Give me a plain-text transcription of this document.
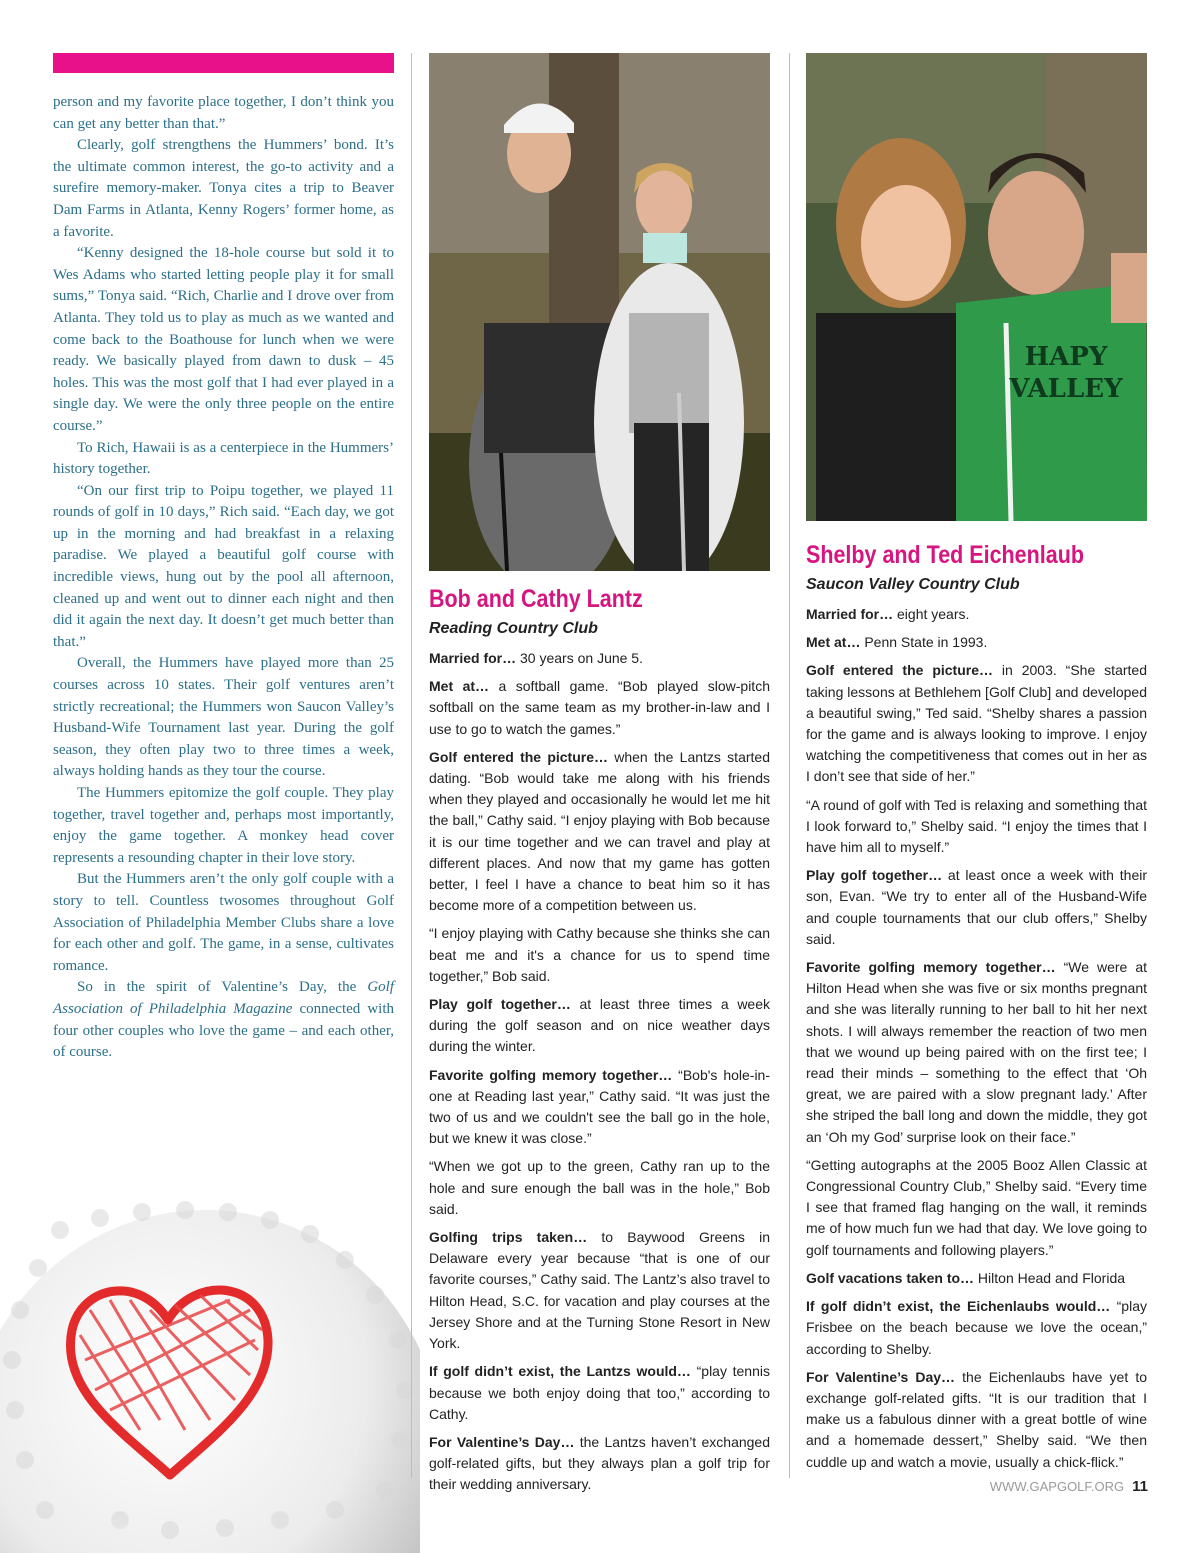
person and my favorite place together, I don’t think you can get any better than that.”

Clearly, golf strengthens the Hummers’ bond. It’s the ultimate common interest, the go-to activity and a surefire memory-maker. Tonya cites a trip to Beaver Dam Farms in Atlanta, Kenny Rogers’ former home, as a favorite.

“Kenny designed the 18-hole course but sold it to Wes Adams who started letting people play it for small sums,” Tonya said. “Rich, Charlie and I drove over from Atlanta. They told us to play as much as we wanted and come back to the Boathouse for lunch when we were ready. We basically played from dawn to dusk – 45 holes. This was the most golf that I had ever played in a single day. We were the only three people on the entire course.”

To Rich, Hawaii is as a centerpiece in the Hummers’ history together.

“On our first trip to Poipu together, we played 11 rounds of golf in 10 days,” Rich said. “Each day, we got up in the morning and had breakfast in a relaxing paradise. We played a beautiful golf course with incredible views, hung out by the pool all afternoon, cleaned up and went out to dinner each night and then did it again the next day. It doesn’t get much better than that.”

Overall, the Hummers have played more than 25 courses across 10 states. Their golf ventures aren’t strictly recreational; the Hummers won Saucon Valley’s Husband-Wife Tournament last year. During the golf season, they often play two to three times a week, always holding hands as they tour the course.

The Hummers epitomize the golf couple. They play together, travel together and, perhaps most importantly, enjoy the game together. A monkey head cover represents a resounding chapter in their love story.

But the Hummers aren’t the only golf couple with a story to tell. Countless twosomes throughout Golf Association of Philadelphia Member Clubs share a love for each other and golf. The game, in a sense, cultivates romance.

So in the spirit of Valentine’s Day, the Golf Association of Philadelphia Magazine connected with four other couples who love the game – and each other, of course.

HAPY
VALLEY
Bob and Cathy Lantz
Reading Country Club

Married for… 30 years on June 5.

Met at… a softball game. “Bob played slow-pitch softball on the same team as my brother-in-law and I use to go to watch the games.”

Golf entered the picture… when the Lantzs started dating. “Bob would take me along with his friends when they played and occasionally he would let me hit the ball,” Cathy said. “I enjoy playing with Bob because it is our time together and we can travel and play at different places. And now that my game has gotten better, I feel I have a chance to beat him so it has become more of a competition between us.

“I enjoy playing with Cathy because she thinks she can beat me and it's a chance for us to spend time together,” Bob said.

Play golf together… at least three times a week during the golf season and on nice weather days during the winter.

Favorite golfing memory together… “Bob's hole-in-one at Reading last year,” Cathy said. “It was just the two of us and we couldn't see the ball go in the hole, but we knew it was close.”

“When we got up to the green, Cathy ran up to the hole and sure enough the ball was in the hole,” Bob said.

Golfing trips taken… to Baywood Greens in Delaware every year because “that is one of our favorite courses,” Cathy said. The Lantz’s also travel to Hilton Head, S.C. for vacation and play courses at the Jersey Shore and at the Turning Stone Resort in New York.

If golf didn’t exist, the Lantzs would… “play tennis because we both enjoy doing that too,” according to Cathy.

For Valentine’s Day… the Lantzs haven’t exchanged golf-related gifts, but they always plan a golf trip for their wedding anniversary.

Shelby and Ted Eichenlaub
Saucon Valley Country Club

Married for… eight years.

Met at… Penn State in 1993.

Golf entered the picture… in 2003. “She started taking lessons at Bethlehem [Golf Club] and developed a beautiful swing,” Ted said. “Shelby shares a passion for the game and is always looking to improve. I enjoy watching the competitiveness that comes out in her as I don’t see that side of her.”

“A round of golf with Ted is relaxing and something that I look forward to,” Shelby said. “I enjoy the times that I have him all to myself.”

Play golf together… at least once a week with their son, Evan. “We try to enter all of the Husband-Wife and couple tournaments that our club offers,” Shelby said.

Favorite golfing memory together… “We were at Hilton Head when she was five or six months pregnant and she was literally running to her ball to hit her next shots. I will always remember the reaction of two men that we wound up being paired with on the first tee; I read their minds – something to the effect that ‘Oh great, we are paired with a slow pregnant lady.’ After she striped the ball long and down the middle, they got an ‘Oh my God’ surprise look on their face.”

“Getting autographs at the 2005 Booz Allen Classic at Congressional Country Club,” Shelby said. “Every time I see that framed flag hanging on the wall, it reminds me of how much fun we had that day. We love going to golf tournaments and following players.”

Golf vacations taken to… Hilton Head and Florida

If golf didn’t exist, the Eichenlaubs would… “play Frisbee on the beach because we love the ocean,” according to Shelby.

For Valentine’s Day… the Eichenlaubs have yet to exchange golf-related gifts. “It is our tradition that I make us a fabulous dinner with a great bottle of wine and a homemade dessert,” Shelby said. “We then cuddle up and watch a movie, usually a chick-flick.”

WWW.GAPGOLF.ORG 11
